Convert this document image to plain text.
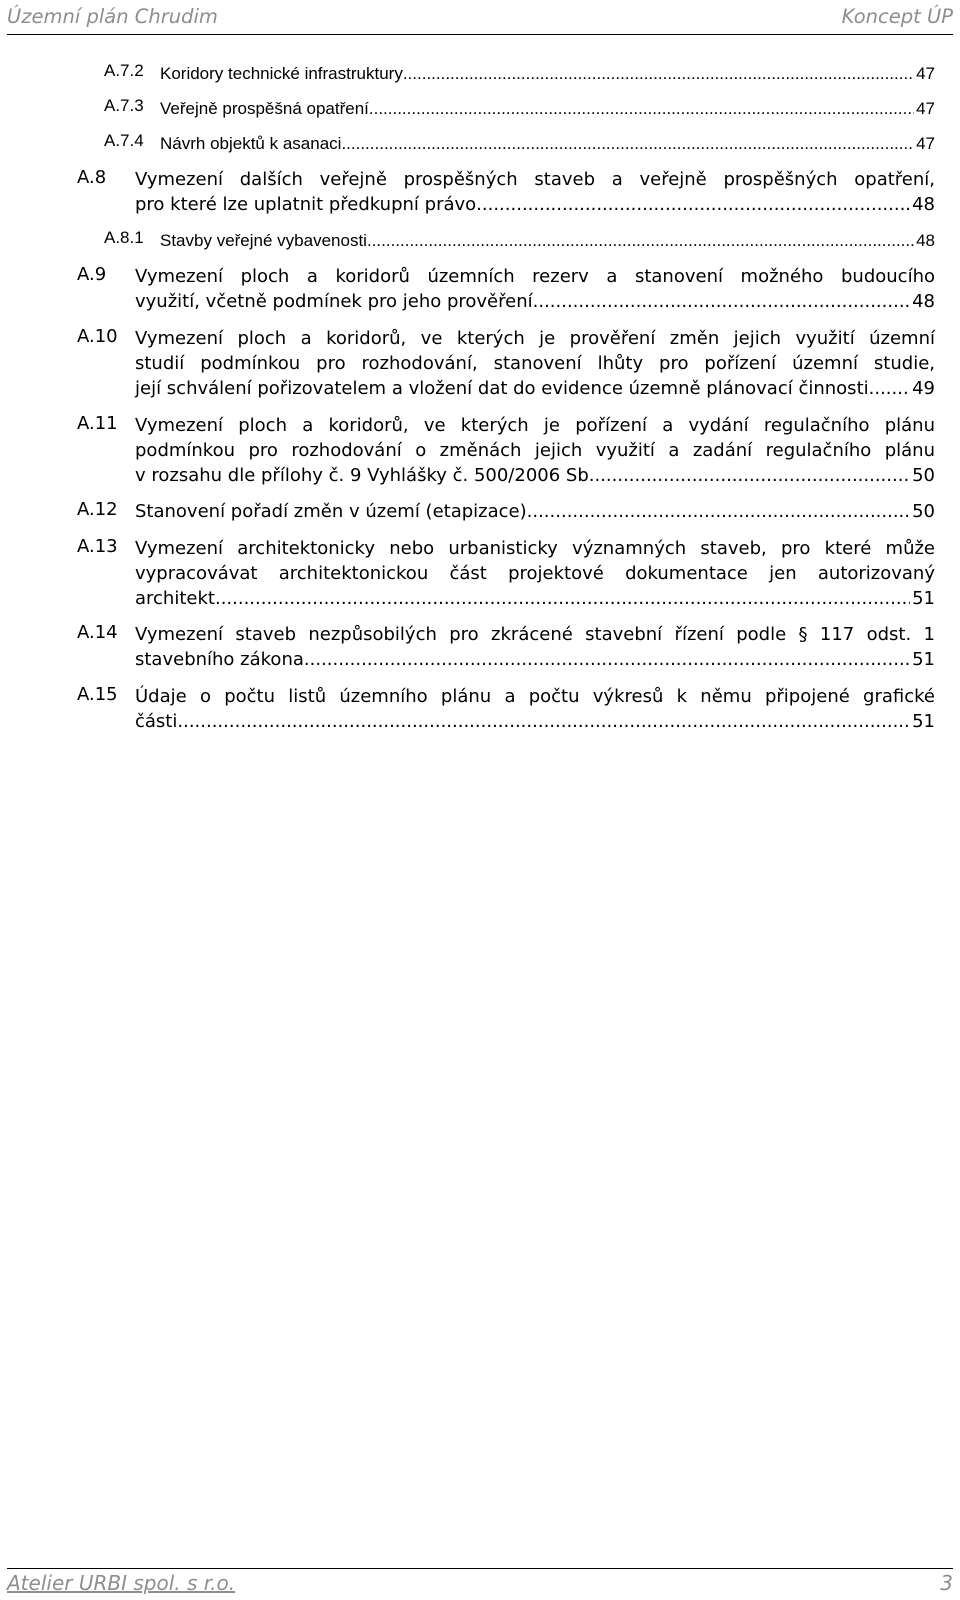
Územní plán Chrudim	Koncept ÚP
A.7.2 Koridory technické infrastruktury .....	47
A.7.3 Veřejně prospěšná opatření .....	47
A.7.4 Návrh objektů k asanaci .....	47
A.8 Vymezení dalších veřejně prospěšných staveb a veřejně prospěšných opatření,
pro které lze uplatnit předkupní právo .....	48
A.8.1 Stavby veřejné vybavenosti .....	48
A.9 Vymezení ploch a koridorů územních rezerv a stanovení možného budoucího
využití, včetně podmínek pro jeho prověření .....	48
A.10 Vymezení ploch a koridorů, ve kterých je prověření změn jejich využití územní
studií podmínkou pro rozhodování, stanovení lhůty pro pořízení územní studie,
její schválení pořizovatelem a vložení dat do evidence územně plánovací činnosti ..... 49
A.11 Vymezení ploch a koridorů, ve kterých je pořízení a vydání regulačního plánu
podmínkou pro rozhodování o změnách jejich využití a zadání regulačního plánu
v rozsahu dle přílohy č. 9 Vyhlášky č. 500/2006 Sb. .....	50
A.12 Stanovení pořadí změn v území (etapizace) .....	50
A.13 Vymezení architektonicky nebo urbanisticky významných staveb, pro které může
vypracovávat architektonickou část projektové dokumentace jen autorizovaný
architekt .....	51
A.14 Vymezení staveb nezpůsobilých pro zkrácené stavební řízení podle § 117 odst. 1
stavebního zákona .....	51
A.15 Údaje o počtu listů územního plánu a počtu výkresů k němu připojené grafické
části .....	51
Atelier URBI spol. s r.o.	3
